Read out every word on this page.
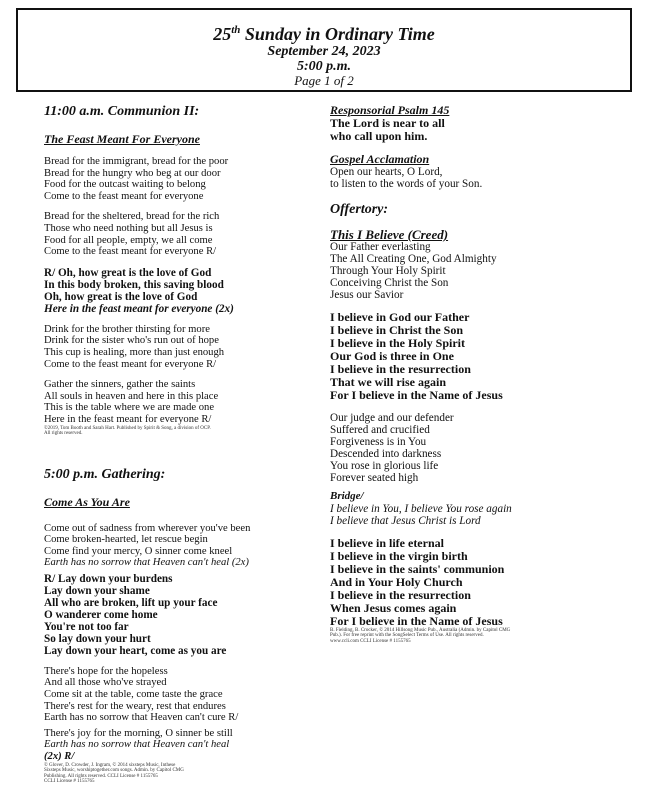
25th Sunday in Ordinary Time
September 24, 2023
5:00 p.m.
Page 1 of 2
11:00 a.m. Communion II:
The Feast Meant For Everyone
Bread for the immigrant, bread for the poor
Bread for the hungry who beg at our door
Food for the outcast waiting to belong
Come to the feast meant for everyone
Bread for the sheltered, bread for the rich
Those who need nothing but all Jesus is
Food for all people, empty, we all come
Come to the feast meant for everyone R/
R/ Oh, how great is the love of God
In this body broken, this saving blood
Oh, how great is the love of God
Here in the feast meant for everyone (2x)
Drink for the brother thirsting for more
Drink for the sister who's run out of hope
This cup is healing, more than just enough
Come to the feast meant for everyone R/
Gather the sinners, gather the saints
All souls in heaven and here in this place
This is the table where we are made one
Here in the feast meant for everyone R/
©2019, Tom Booth and Sarah Hart. Published by Spirit & Song, a division of OCP.
All rights reserved.
5:00 p.m. Gathering:
Come As You Are
Come out of sadness from wherever you've been
Come broken-hearted, let rescue begin
Come find your mercy, O sinner come kneel
Earth has no sorrow that Heaven can't heal (2x)
R/ Lay down your burdens
Lay down your shame
All who are broken, lift up your face
O wanderer come home
You're not too far
So lay down your hurt
Lay down your heart, come as you are
There's hope for the hopeless
And all those who've strayed
Come sit at the table, come taste the grace
There's rest for the weary, rest that endures
Earth has no sorrow that Heaven can't cure R/
There's joy for the morning, O sinner be still
Earth has no sorrow that Heaven can't heal
(2x) R/
© Glover, D. Crowder, J. Ingram, © 2014 sixsteps Music, Inthese
Sixsteps Music, worshiptogether.com songs. Admin. by Capitol CMG
Publishing. All rights reserved. CCLI License # 1155765
CCLI License # 1155765
Responsorial Psalm 145
The Lord is near to all
who call upon him.
Gospel Acclamation
Open our hearts, O Lord,
to listen to the words of your Son.
Offertory:
This I Believe (Creed)
Our Father everlasting
The All Creating One, God Almighty
Through Your Holy Spirit
Conceiving Christ the Son
Jesus our Savior
I believe in God our Father
I believe in Christ the Son
I believe in the Holy Spirit
Our God is three in One
I believe in the resurrection
That we will rise again
For I believe in the Name of Jesus
Our judge and our defender
Suffered and crucified
Forgiveness is in You
Descended into darkness
You rose in glorious life
Forever seated high
Bridge/
I believe in You, I believe You rose again
I believe that Jesus Christ is Lord
I believe in life eternal
I believe in the virgin birth
I believe in the saints' communion
And in Your Holy Church
I believe in the resurrection
When Jesus comes again
For I believe in the Name of Jesus
B. Fielding, B. Crocker, © 2014 Hillsong Music Pub., Australia (Admin. by Capitol CMG
Pub.). For free reprint with the SongSelect Terms of Use. All rights reserved.
www.ccli.com CCLI License # 1155765
